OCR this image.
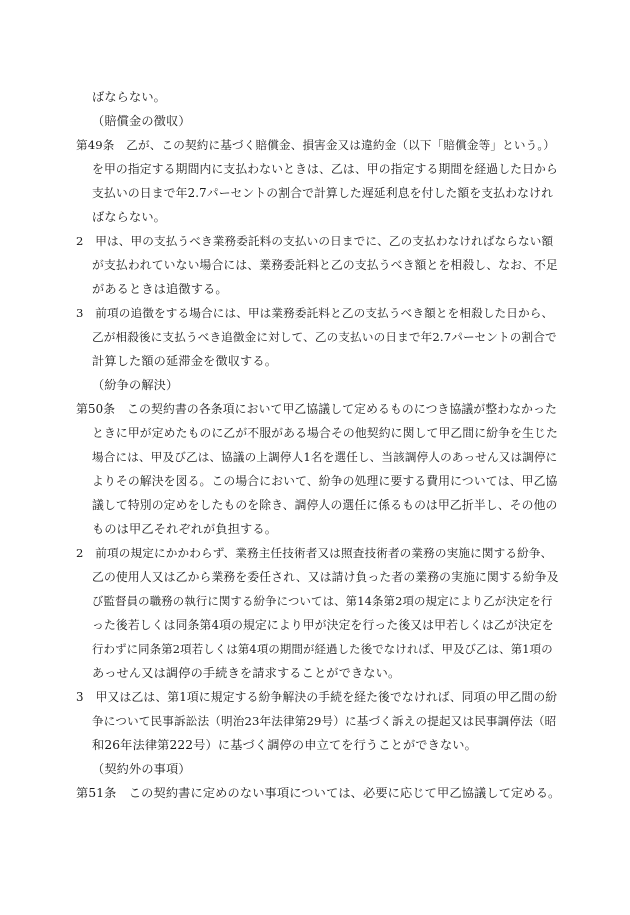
ばならない。
（賠償金の徴収）
第49条　乙が、この契約に基づく賠償金、損害金又は違約金（以下「賠償金等」という。）
を甲の指定する期間内に支払わないときは、乙は、甲の指定する期間を経過した日から
支払いの日まで年2.7パーセントの割合で計算した遅延利息を付した額を支払わなけれ
ばならない。
2　甲は、甲の支払うべき業務委託料の支払いの日までに、乙の支払わなければならない額
が支払われていない場合には、業務委託料と乙の支払うべき額とを相殺し、なお、不足
があるときは追徴する。
3　前項の追徴をする場合には、甲は業務委託料と乙の支払うべき額とを相殺した日から、
乙が相殺後に支払うべき追徴金に対して、乙の支払いの日まで年2.7パーセントの割合で
計算した額の延滞金を徴収する。
（紛争の解決）
第50条　この契約書の各条項において甲乙協議して定めるものにつき協議が整わなかった
ときに甲が定めたものに乙が不服がある場合その他契約に関して甲乙間に紛争を生じた
場合には、甲及び乙は、協議の上調停人1名を選任し、当該調停人のあっせん又は調停に
よりその解決を図る。この場合において、紛争の処理に要する費用については、甲乙協
議して特別の定めをしたものを除き、調停人の選任に係るものは甲乙折半し、その他の
ものは甲乙それぞれが負担する。
2　前項の規定にかかわらず、業務主任技術者又は照査技術者の業務の実施に関する紛争、
乙の使用人又は乙から業務を委任され、又は請け負った者の業務の実施に関する紛争及
び監督員の職務の執行に関する紛争については、第14条第2項の規定により乙が決定を行
った後若しくは同条第4項の規定により甲が決定を行った後又は甲若しくは乙が決定を
行わずに同条第2項若しくは第4項の期間が経過した後でなければ、甲及び乙は、第1項の
あっせん又は調停の手続きを請求することができない。
3　甲又は乙は、第1項に規定する紛争解決の手続を経た後でなければ、同項の甲乙間の紛
争について民事訴訟法（明治23年法律第29号）に基づく訴えの提起又は民事調停法（昭
和26年法律第222号）に基づく調停の申立てを行うことができない。
（契約外の事項）
第51条　この契約書に定めのない事項については、必要に応じて甲乙協議して定める。
